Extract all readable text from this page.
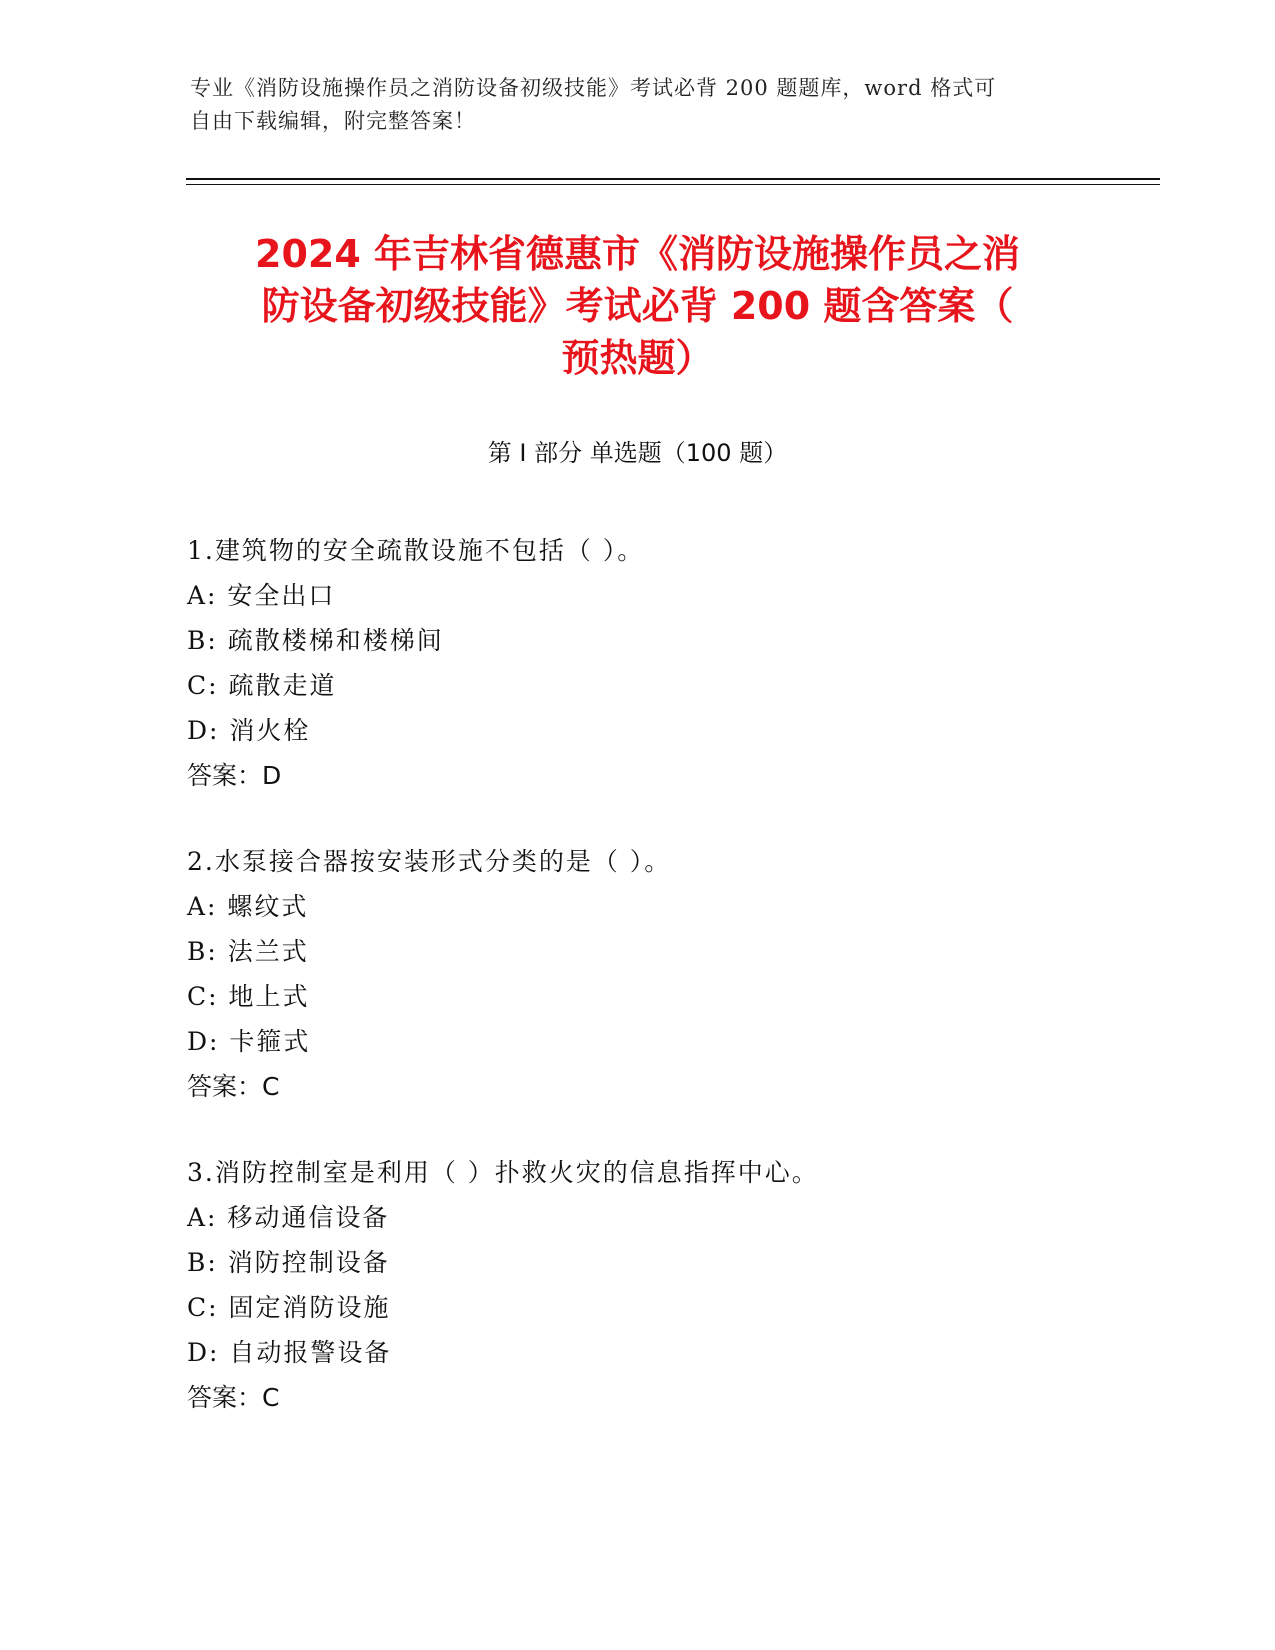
专业《消防设施操作员之消防设备初级技能》考试必背 200 题题库，word 格式可
自由下载编辑，附完整答案！
2024 年吉林省德惠市《消防设施操作员之消
防设备初级技能》考试必背 200 题含答案（
预热题）
第 I 部分 单选题（100 题）
1.建筑物的安全疏散设施不包括（ ）。
A: 安全出口
B: 疏散楼梯和楼梯间
C: 疏散走道
D: 消火栓
答案：D
2.水泵接合器按安装形式分类的是（ ）。
A: 螺纹式
B: 法兰式
C: 地上式
D: 卡箍式
答案：C
3.消防控制室是利用（ ）扑救火灾的信息指挥中心。
A: 移动通信设备
B: 消防控制设备
C: 固定消防设施
D: 自动报警设备
答案：C
